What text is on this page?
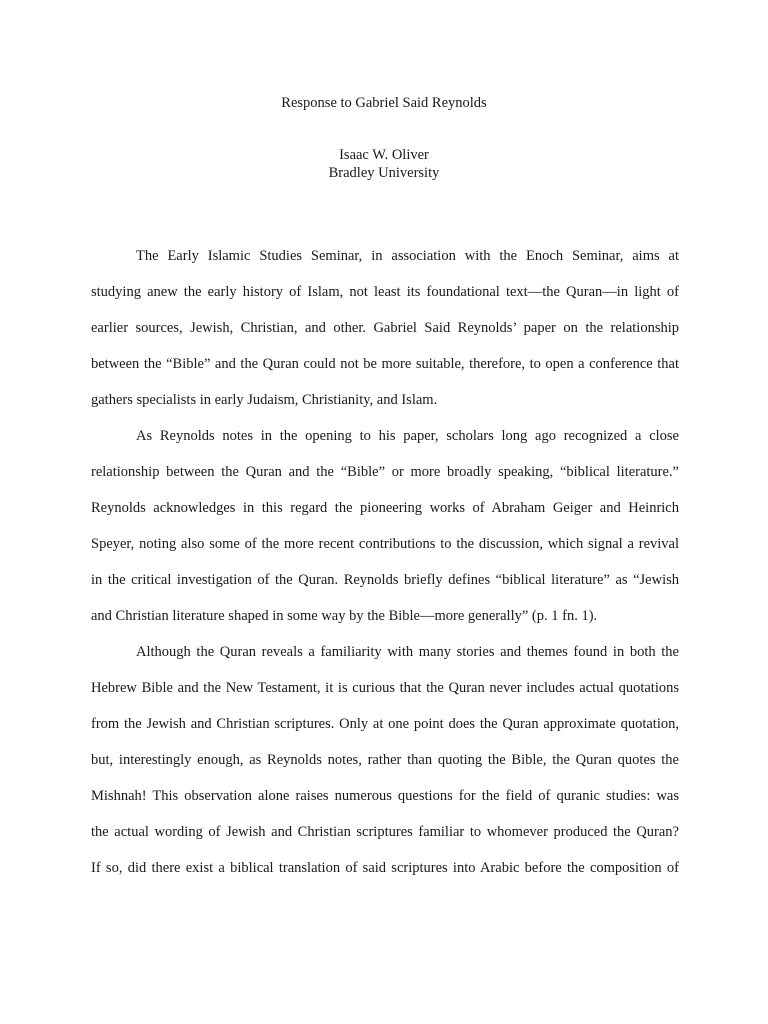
Response to Gabriel Said Reynolds
Isaac W. Oliver
Bradley University
The Early Islamic Studies Seminar, in association with the Enoch Seminar, aims at
studying anew the early history of Islam, not least its foundational text—the Quran—in light of
earlier sources, Jewish, Christian, and other. Gabriel Said Reynolds’ paper on the relationship
between the “Bible” and the Quran could not be more suitable, therefore, to open a conference that
gathers specialists in early Judaism, Christianity, and Islam.
As Reynolds notes in the opening to his paper, scholars long ago recognized a close
relationship between the Quran and the “Bible” or more broadly speaking, “biblical literature.”
Reynolds acknowledges in this regard the pioneering works of Abraham Geiger and Heinrich
Speyer, noting also some of the more recent contributions to the discussion, which signal a revival
in the critical investigation of the Quran. Reynolds briefly defines “biblical literature” as “Jewish
and Christian literature shaped in some way by the Bible—more generally” (p. 1 fn. 1).
Although the Quran reveals a familiarity with many stories and themes found in both the
Hebrew Bible and the New Testament, it is curious that the Quran never includes actual quotations
from the Jewish and Christian scriptures. Only at one point does the Quran approximate quotation,
but, interestingly enough, as Reynolds notes, rather than quoting the Bible, the Quran quotes the
Mishnah! This observation alone raises numerous questions for the field of quranic studies: was
the actual wording of Jewish and Christian scriptures familiar to whomever produced the Quran?
If so, did there exist a biblical translation of said scriptures into Arabic before the composition of
